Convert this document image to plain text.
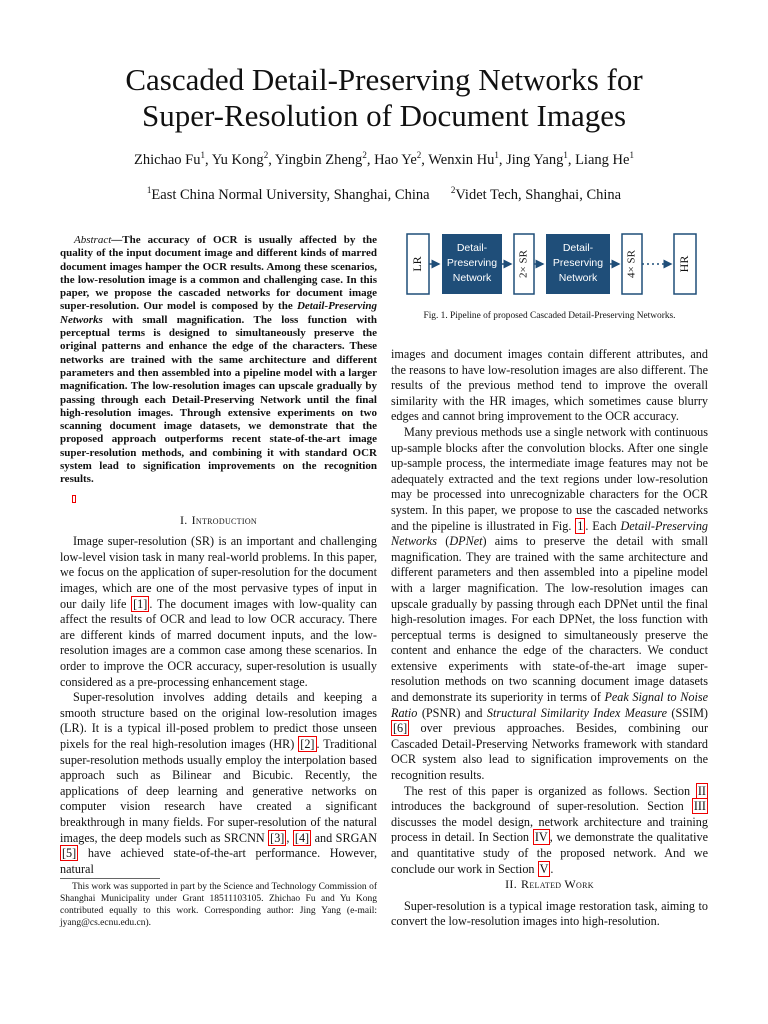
Cascaded Detail-Preserving Networks for
Super-Resolution of Document Images
Zhichao Fu$^1$, Yu Kong$^2$, Yingbin Zheng$^2$, Hao Ye$^2$, Wenxin Hu$^1$, Jing Yang$^1$, Liang He$^1$
$^1$East China Normal University, Shanghai, China $^2$Videt Tech, Shanghai, China

Abstract—The accuracy of OCR is usually affected by the quality of the input document image and different kinds of marred document images hamper the OCR results. Among these scenarios, the low-resolution image is a common and challenging case. In this paper, we propose the cascaded networks for document image super-resolution. Our model is composed by the Detail-Preserving Networks with small magnification. The loss function with perceptual terms is designed to simultaneously preserve the original patterns and enhance the edge of the characters. These networks are trained with the same architecture and different parameters and then assembled into a pipeline model with a larger magnification. The low-resolution images can upscale gradually by passing through each Detail-Preserving Network until the final high-resolution images. Through extensive experiments on two scanning document image datasets, we demonstrate that the proposed approach outperforms recent state-of-the-art image super-resolution methods, and combining it with standard OCR system lead to signification improvements on the recognition results.

I. Introduction

Image super-resolution (SR) is an important and challenging low-level vision task in many real-world problems. In this paper, we focus on the application of super-resolution for the document images, which are one of the most pervasive types of input in our daily life [1] . The document images with low-quality can affect the results of OCR and lead to low OCR accuracy. There are different kinds of marred document inputs, and the low-resolution images are a common case among these scenarios. In order to improve the OCR accuracy, super-resolution is usually considered as a pre-processing enhancement stage.

Super-resolution involves adding details and keeping a smooth structure based on the original low-resolution images (LR). It is a typical ill-posed problem to predict those unseen pixels for the real high-resolution images (HR) [2] . Traditional super-resolution methods usually employ the interpolation based approach such as Bilinear and Bicubic. Recently, the applications of deep learning and generative networks on computer vision research have created a significant breakthrough in many fields. For super-resolution of the natural images, the deep models such as SRCNN [3] , [4] and SRGAN [5] have achieved state-of-the-art performance. However, natural

This work was supported in part by the Science and Technology Commission of Shanghai Municipality under Grant 18511103105. Zhichao Fu and Yu Kong contributed equally to this work. Corresponding author: Jing Yang (e-mail: jyang@cs.ecnu.edu.cn).

LR
Detail-
Preserving
Network
2× SR
Detail-
Preserving
Network
4× SR	HR
Fig. 1. Pipeline of proposed Cascaded Detail-Preserving Networks.

images and document images contain different attributes, and the reasons to have low-resolution images are also different. The results of the previous method tend to improve the overall similarity with the HR images, which sometimes cause blurry edges and cannot bring improvement to the OCR accuracy.

Many previous methods use a single network with continuous up-sample blocks after the convolution blocks. After one single up-sample process, the intermediate image features may not be adequately extracted and the text regions under low-resolution may be processed into unrecognizable characters for the OCR system. In this paper, we propose to use the cascaded networks and the pipeline is illustrated in Fig. 1 . Each Detail-Preserving Networks (DPNet) aims to preserve the detail with small magnification. They are trained with the same architecture and different parameters and then assembled into a pipeline model with a larger magnification. The low-resolution images can upscale gradually by passing through each DPNet until the final high-resolution images. For each DPNet, the loss function with perceptual terms is designed to simultaneously preserve the content and enhance the edge of the characters. We conduct extensive experiments with state-of-the-art image super-resolution methods on two scanning document image datasets and demonstrate its superiority in terms of Peak Signal to Noise Ratio (PSNR) and Structural Similarity Index Measure (SSIM) [6] over previous approaches. Besides, combining our Cascaded Detail-Preserving Networks framework with standard OCR system also lead to signification improvements on the recognition results.

The rest of this paper is organized as follows. Section II introduces the background of super-resolution. Section III discusses the model design, network architecture and training process in detail. In Section IV , we demonstrate the qualitative and quantitative study of the proposed network. And we conclude our work in Section V .

II. Related Work

Super-resolution is a typical image restoration task, aiming to convert the low-resolution images into high-resolution.
